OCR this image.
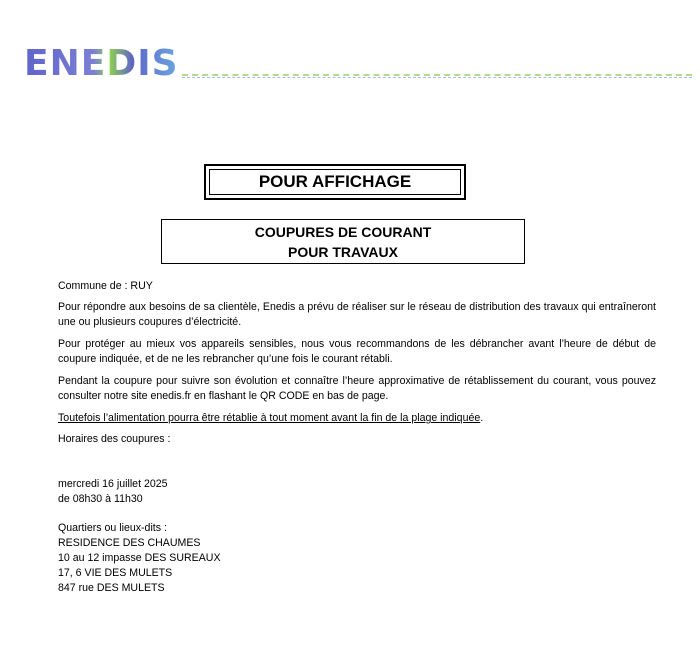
ENEDIS
POUR AFFICHAGE
COUPURES DE COURANT
POUR TRAVAUX

Commune de : RUY

Pour répondre aux besoins de sa clientèle, Enedis a prévu de réaliser sur le réseau de distribution des travaux qui entraîneront une ou plusieurs coupures d’électricité.

Pour protéger au mieux vos appareils sensibles, nous vous recommandons de les débrancher avant l’heure de début de coupure indiquée, et de ne les rebrancher qu’une fois le courant rétabli.

Pendant la coupure pour suivre son évolution et connaître l’heure approximative de rétablissement du courant, vous pouvez consulter notre site enedis.fr en flashant le QR CODE en bas de page.

Toutefois l’alimentation pourra être rétablie à tout moment avant la fin de la plage indiquée.

Horaires des coupures :

mercredi 16 juillet 2025

de 08h30 à 11h30

Quartiers ou lieux-dits :

RESIDENCE DES CHAUMES

10 au 12 impasse DES SUREAUX

17, 6 VIE DES MULETS

847 rue DES MULETS
